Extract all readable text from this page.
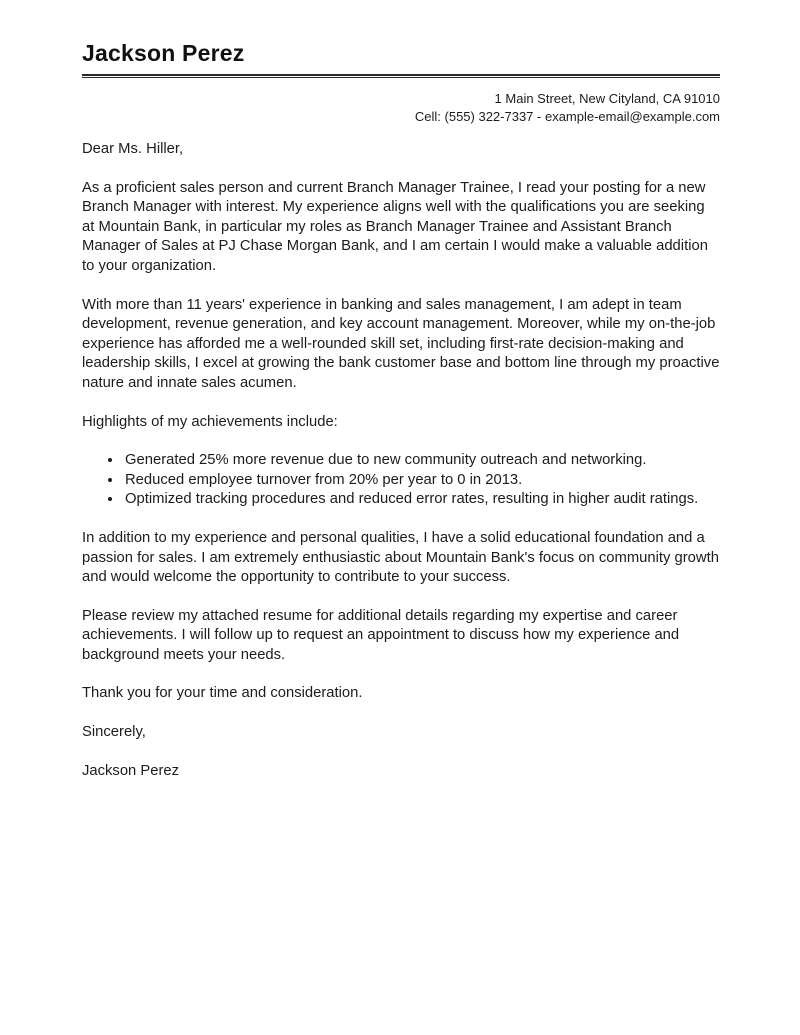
Jackson Perez
1 Main Street, New Cityland, CA 91010
Cell: (555) 322-7337 - example-email@example.com

Dear Ms. Hiller,

As a proficient sales person and current Branch Manager Trainee, I read your posting for a new Branch Manager with interest. My experience aligns well with the qualifications you are seeking at Mountain Bank, in particular my roles as Branch Manager Trainee and Assistant Branch Manager of Sales at PJ Chase Morgan Bank, and I am certain I would make a valuable addition to your organization.

With more than 11 years' experience in banking and sales management, I am adept in team development, revenue generation, and key account management. Moreover, while my on-the-job experience has afforded me a well-rounded skill set, including first-rate decision-making and leadership skills, I excel at growing the bank customer base and bottom line through my proactive nature and innate sales acumen.

Highlights of my achievements include:

• Generated 25% more revenue due to new community outreach and networking.
• Reduced employee turnover from 20% per year to 0 in 2013.
• Optimized tracking procedures and reduced error rates, resulting in higher audit ratings.

In addition to my experience and personal qualities, I have a solid educational foundation and a passion for sales. I am extremely enthusiastic about Mountain Bank's focus on community growth and would welcome the opportunity to contribute to your success.

Please review my attached resume for additional details regarding my expertise and career achievements. I will follow up to request an appointment to discuss how my experience and background meets your needs.

Thank you for your time and consideration.

Sincerely,

Jackson Perez
